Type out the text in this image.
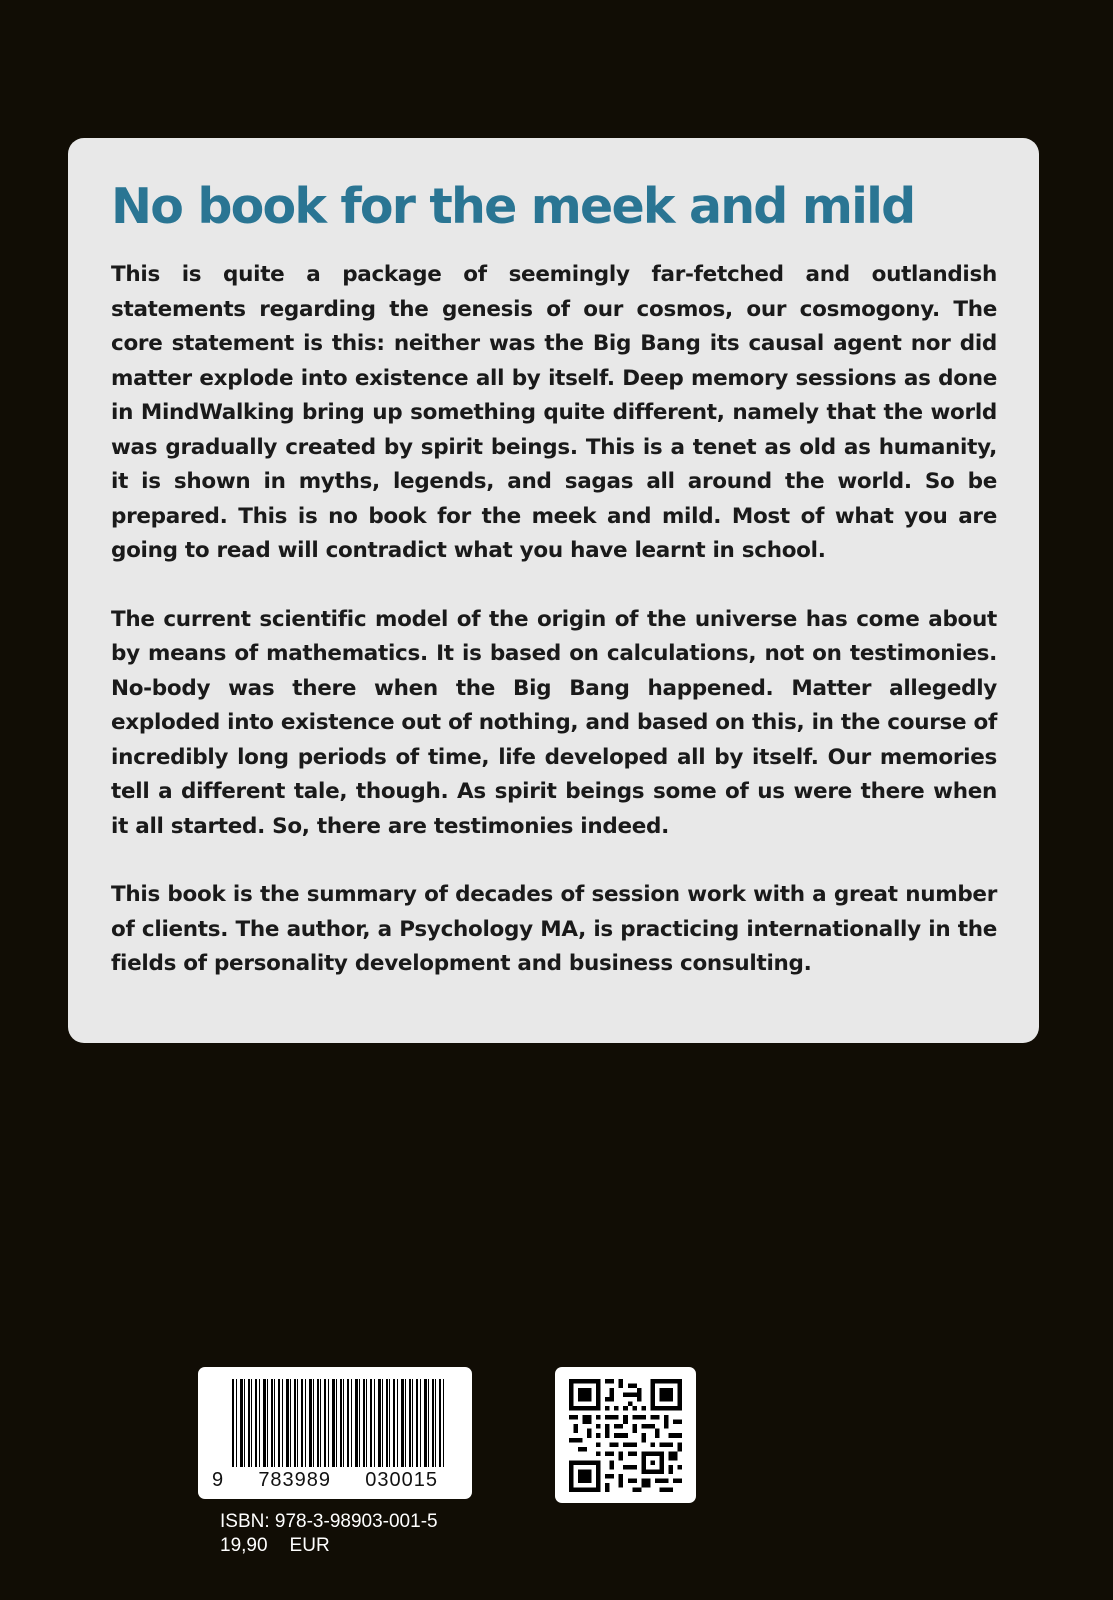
No book for the meek and mild

This is quite a package of seemingly far-fetched and outlandish statements regarding the genesis of our cosmos, our cosmogony. The core statement is this: neither was the Big Bang its causal agent nor did matter explode into existence all by itself. Deep memory sessions as done in MindWalking bring up something quite different, namely that the world was gradually created by spirit beings. This is a tenet as old as humanity, it is shown in myths, legends, and sagas all around the world. So be prepared. This is no book for the meek and mild. Most of what you are going to read will contradict what you have learnt in school.

The current scientific model of the origin of the universe has come about by means of mathematics. It is based on calculations, not on testimonies. No-body was there when the Big Bang happened. Matter allegedly exploded into existence out of nothing, and based on this, in the course of incredibly long periods of time, life developed all by itself. Our memories tell a different tale, though. As spirit beings some of us were there when it all started. So, there are testimonies indeed.

This book is the summary of decades of session work with a great number of clients. The author, a Psychology MA, is practicing internationally in the fields of personality development and business consulting.

9 783989 030015
ISBN: 978-3-98903-001-5
19,90 EUR
